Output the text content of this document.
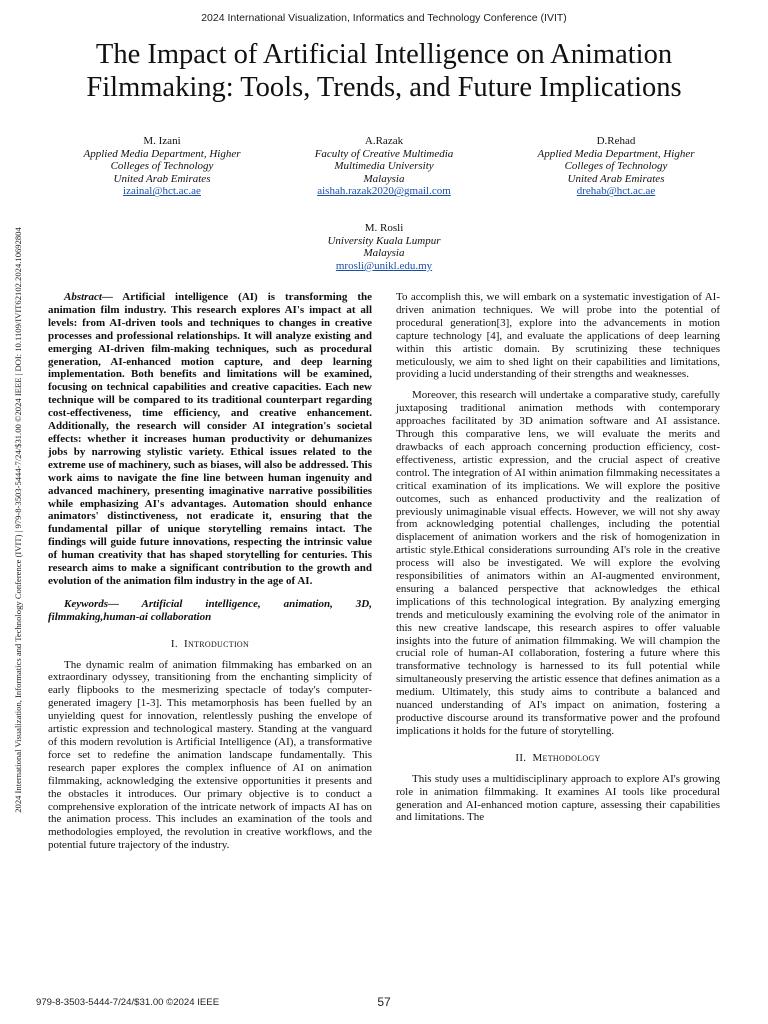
2024 International Visualization, Informatics and Technology Conference (IVIT)
2024 International Visualization, Informatics and Technology Conference (IVIT) | 979-8-3503-5444-7/24/$31.00 ©2024 IEEE | DOI: 10.1109/IVIT62102.2024.10692804
The Impact of Artificial Intelligence on Animation Filmmaking: Tools, Trends, and Future Implications
M. Izani
Applied Media Department, Higher
Colleges of Technology
United Arab Emirates
izainal@hct.ac.ae
A.Razak
Faculty of Creative Multimedia
Multimedia University
Malaysia
aishah.razak2020@gmail.com
D.Rehad
Applied Media Department, Higher
Colleges of Technology
United Arab Emirates
drehab@hct.ac.ae
M. Rosli
University Kuala Lumpur
Malaysia
mrosli@unikl.edu.my

Abstract— Artificial intelligence (AI) is transforming the animation film industry. This research explores AI's impact at all levels: from AI-driven tools and techniques to changes in creative processes and professional relationships. It will analyze existing and emerging AI-driven film-making techniques, such as procedural generation, AI-enhanced motion capture, and deep learning implementation. Both benefits and limitations will be examined, focusing on technical capabilities and creative capacities. Each new technique will be compared to its traditional counterpart regarding cost-effectiveness, time efficiency, and creative enhancement. Additionally, the research will consider AI integration's societal effects: whether it increases human productivity or dehumanizes jobs by narrowing stylistic variety. Ethical issues related to the extreme use of machinery, such as biases, will also be addressed. This work aims to navigate the fine line between human ingenuity and advanced machinery, presenting imaginative narrative possibilities while emphasizing AI's advantages. Automation should enhance animators' distinctiveness, not eradicate it, ensuring that the fundamental pillar of unique storytelling remains intact. The findings will guide future innovations, respecting the intrinsic value of human creativity that has shaped storytelling for centuries. This research aims to make a significant contribution to the growth and evolution of the animation film industry in the age of AI.

Keywords— Artificial intelligence, animation, 3D, filmmaking,human-ai collaboration

I. Introduction

The dynamic realm of animation filmmaking has embarked on an extraordinary odyssey, transitioning from the enchanting simplicity of early flipbooks to the mesmerizing spectacle of today's computer-generated imagery [1-3]. This metamorphosis has been fuelled by an unyielding quest for innovation, relentlessly pushing the envelope of artistic expression and technological mastery. Standing at the vanguard of this modern revolution is Artificial Intelligence (AI), a transformative force set to redefine the animation landscape fundamentally. This research paper explores the complex influence of AI on animation filmmaking, acknowledging the extensive opportunities it presents and the obstacles it introduces. Our primary objective is to conduct a comprehensive exploration of the intricate network of impacts AI has on the animation process. This includes an examination of the tools and methodologies employed, the revolution in creative workflows, and the potential future trajectory of the industry.

To accomplish this, we will embark on a systematic investigation of AI-driven animation techniques. We will probe into the potential of procedural generation[3], explore into the advancements in motion capture technology [4], and evaluate the applications of deep learning within this artistic domain. By scrutinizing these techniques meticulously, we aim to shed light on their capabilities and limitations, providing a lucid understanding of their strengths and weaknesses.

Moreover, this research will undertake a comparative study, carefully juxtaposing traditional animation methods with contemporary approaches facilitated by 3D animation software and AI assistance. Through this comparative lens, we will evaluate the merits and drawbacks of each approach concerning production efficiency, cost-effectiveness, artistic expression, and the crucial aspect of creative control. The integration of AI within animation filmmaking necessitates a critical examination of its implications. We will explore the positive outcomes, such as enhanced productivity and the realization of previously unimaginable visual effects. However, we will not shy away from acknowledging potential challenges, including the potential displacement of animation workers and the risk of homogenization in artistic style.Ethical considerations surrounding AI's role in the creative process will also be investigated. We will explore the evolving responsibilities of animators within an AI-augmented environment, ensuring a balanced perspective that acknowledges the ethical implications of this technological integration. By analyzing emerging trends and meticulously examining the evolving role of the animator in this new creative landscape, this research aspires to offer valuable insights into the future of animation filmmaking. We will champion the crucial role of human-AI collaboration, fostering a future where this transformative technology is harnessed to its full potential while simultaneously preserving the artistic essence that defines animation as a medium. Ultimately, this study aims to contribute a balanced and nuanced understanding of AI's impact on animation, fostering a productive discourse around its transformative power and the profound implications it holds for the future of storytelling.

II. Methodology

This study uses a multidisciplinary approach to explore AI's growing role in animation filmmaking. It examines AI tools like procedural generation and AI-enhanced motion capture, assessing their capabilities and limitations. The

979-8-3503-5444-7/24/$31.00 ©2024 IEEE	57
